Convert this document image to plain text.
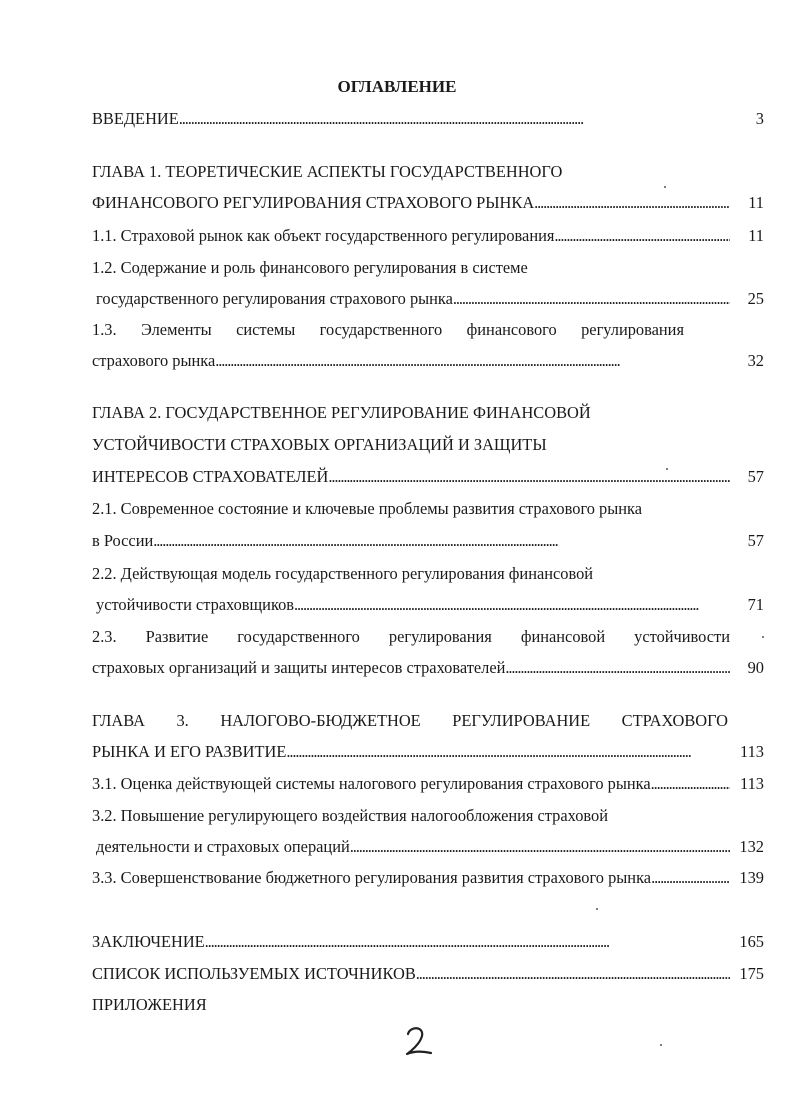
ОГЛАВЛЕНИЕ
ВВЕДЕНИЕ . . .	3
ГЛАВА 1. ТЕОРЕТИЧЕСКИЕ АСПЕКТЫ ГОСУДАРСТВЕННОГО
ФИНАНСОВОГО РЕГУЛИРОВАНИЯ СТРАХОВОГО РЫНКА . . .	11
1.1. Страховой рынок как объект государственного регулирования . . .	11
1.2. Содержание и роль финансового регулирования в системе
государственного регулирования страхового рынка . . .	25
1.3. Элементы системы государственного финансового регулирования
страхового рынка . . .	32
ГЛАВА 2. ГОСУДАРСТВЕННОЕ РЕГУЛИРОВАНИЕ ФИНАНСОВОЙ
УСТОЙЧИВОСТИ СТРАХОВЫХ ОРГАНИЗАЦИЙ И ЗАЩИТЫ
ИНТЕРЕСОВ СТРАХОВАТЕЛЕЙ . . .	57
2.1. Современное состояние и ключевые проблемы развития страхового рынка
в России . . .	57
2.2. Действующая модель государственного регулирования финансовой
устойчивости страховщиков . . .	71
2.3. Развитие государственного регулирования финансовой устойчивости
страховых организаций и защиты интересов страхователей . . .	90
ГЛАВА 3. НАЛОГОВО-БЮДЖЕТНОЕ РЕГУЛИРОВАНИЕ СТРАХОВОГО
РЫНКА И ЕГО РАЗВИТИЕ . . .	113
3.1. Оценка действующей системы налогового регулирования страхового рынка . . .	113
3.2. Повышение регулирующего воздействия налогообложения страховой
деятельности и страховых операций . . .	132
3.3. Совершенствование бюджетного регулирования развития страхового рынка . . .	139
ЗАКЛЮЧЕНИЕ . . .	165
СПИСОК ИСПОЛЬЗУЕМЫХ ИСТОЧНИКОВ . . .	175
ПРИЛОЖЕНИЯ
